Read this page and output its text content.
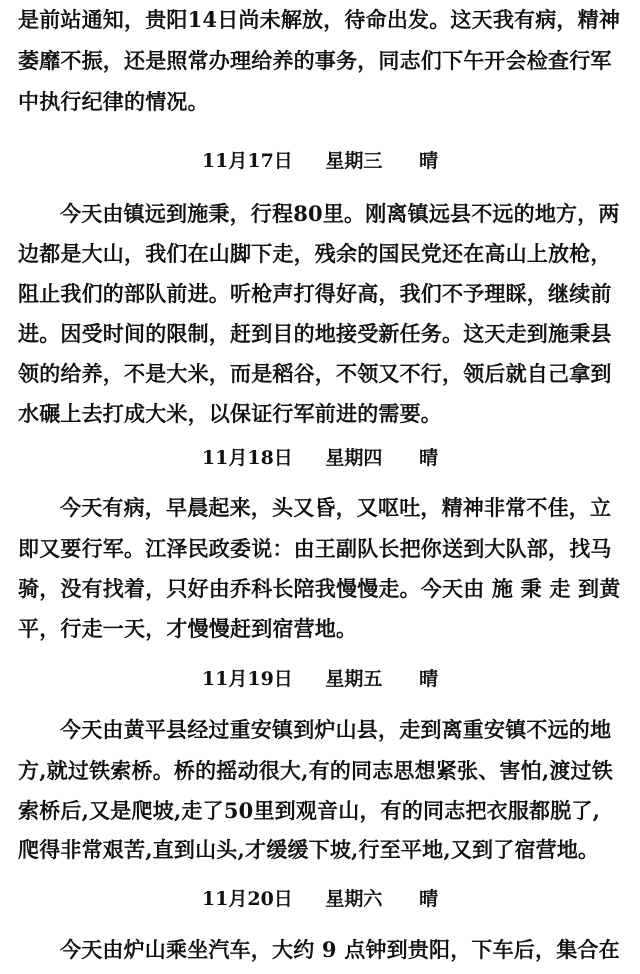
是前站通知，贵阳14日尚未解放，待命出发。这天我有病，精神
萎靡不振，还是照常办理给养的事务，同志们下午开会检查行军
中执行纪律的情况。
11月17日 星期三 晴
今天由镇远到施秉，行程80里。刚离镇远县不远的地方，两
边都是大山，我们在山脚下走，残余的国民党还在高山上放枪，
阻止我们的部队前进。听枪声打得好高，我们不予理睬，继续前
进。因受时间的限制，赶到目的地接受新任务。这天走到施秉县
领的给养，不是大米，而是稻谷，不领又不行，领后就自己拿到
水碾上去打成大米，以保证行军前进的需要。
11月18日 星期四 晴
今天有病，早晨起来，头又昏，又呕吐，精神非常不佳，立
即又要行军。江泽民政委说：由王副队长把你送到大队部，找马
骑，没有找着，只好由乔科长陪我慢慢走。今天由 施 秉 走 到黄
平，行走一天，才慢慢赶到宿营地。
11月19日 星期五 晴
今天由黄平县经过重安镇到炉山县，走到离重安镇不远的地
方,就过铁索桥。桥的摇动很大,有的同志思想紧张、害怕,渡过铁
索桥后,又是爬坡,走了50里到观音山，有的同志把衣服都脱了,
爬得非常艰苦,直到山头,才缓缓下坡,行至平地,又到了宿营地。
11月20日 星期六 晴
今天由炉山乘坐汽车，大约 9 点钟到贵阳，下车后，集合在
